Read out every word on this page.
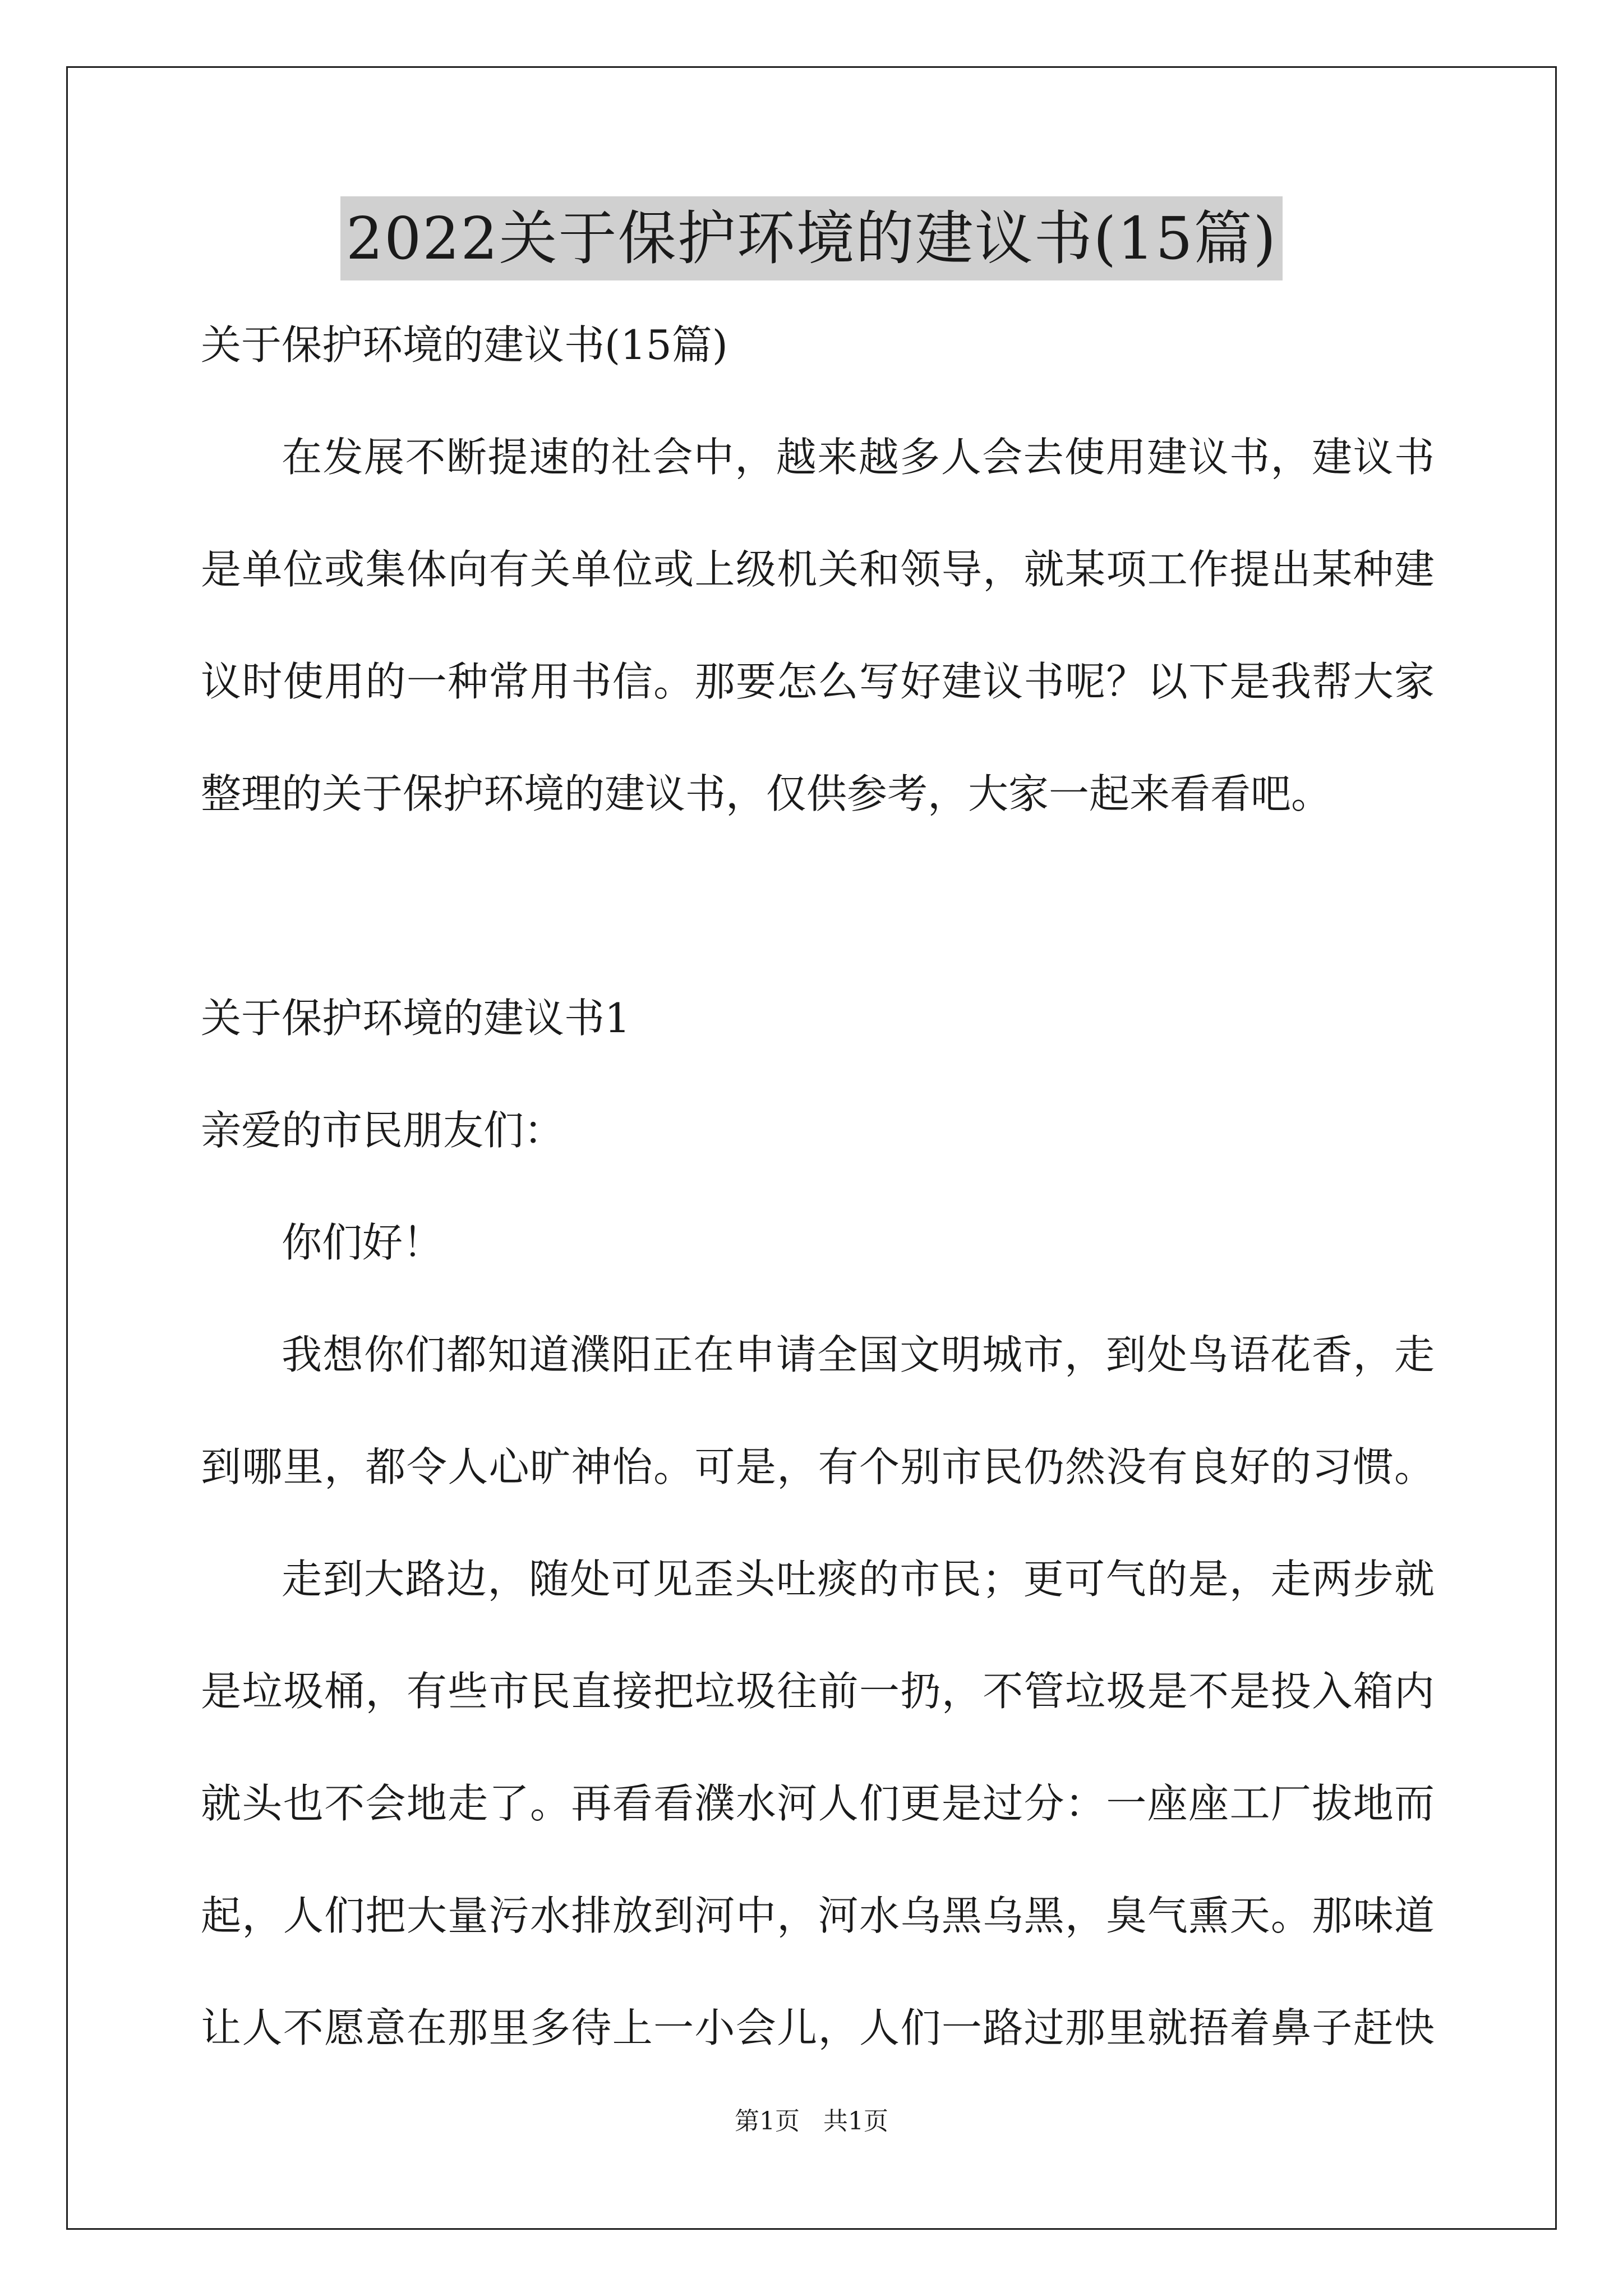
2022关于保护环境的建议书(15篇)

关于保护环境的建议书(15篇)

在发展不断提速的社会中，越来越多人会去使用建议书，建议书

是单位或集体向有关单位或上级机关和领导，就某项工作提出某种建

议时使用的一种常用书信。那要怎么写好建议书呢？以下是我帮大家

整理的关于保护环境的建议书，仅供参考，大家一起来看看吧。

关于保护环境的建议书1

亲爱的市民朋友们：

你们好！

我想你们都知道濮阳正在申请全国文明城市，到处鸟语花香，走

到哪里，都令人心旷神怡。可是，有个别市民仍然没有良好的习惯。

走到大路边，随处可见歪头吐痰的市民；更可气的是，走两步就

是垃圾桶，有些市民直接把垃圾往前一扔，不管垃圾是不是投入箱内

就头也不会地走了。再看看濮水河人们更是过分：一座座工厂拔地而

起，人们把大量污水排放到河中，河水乌黑乌黑，臭气熏天。那味道

让人不愿意在那里多待上一小会儿，人们一路过那里就捂着鼻子赶快

第1页   共1页
